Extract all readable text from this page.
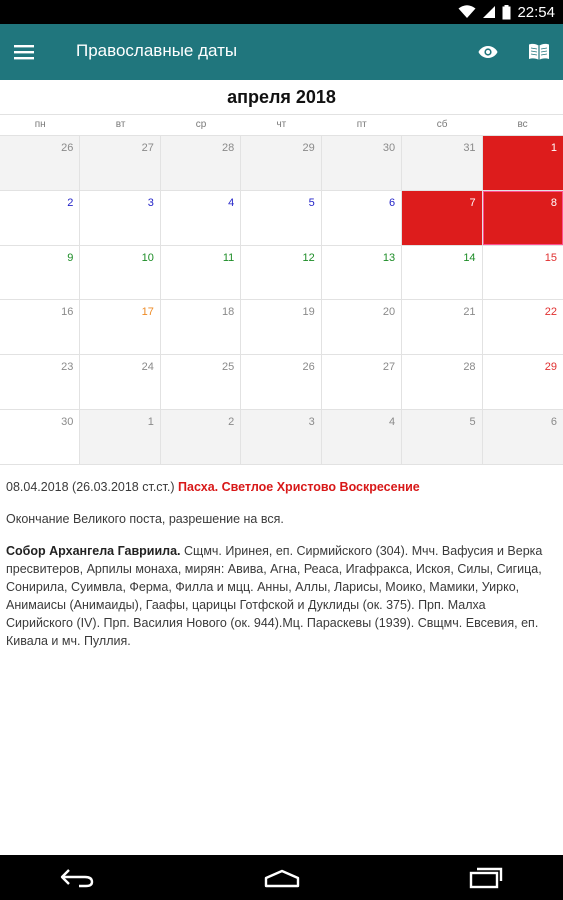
22:54
Православные даты
апреля 2018
пн	вт	ср	чт	пт	сб	вс
26	27	28	29	30	31	1
2	3	4	5	6	7	8
9	10	11	12	13	14	15
16	17	18	19	20	21	22
23	24	25	26	27	28	29
30	1	2	3	4	5	6
08.04.2018 (26.03.2018 ст.ст.) Пасха. Светлое Христово Воскресение
Окончание Великого поста, разрешение на вся.
Собор Архангела Гавриила. Сщмч. Иринея, еп. Сирмийского (304). Мчч. Вафусия и Верка пресвитеров, Арпилы монаха, мирян: Авива, Агна, Реаса, Игафракса, Искоя, Силы, Сигица, Сонирила, Суимвла, Ферма, Филла и мцц. Анны, Аллы, Ларисы, Моико, Мамики, Уирко, Анимаисы (Анимаиды), Гаафы, царицы Готфской и Дуклиды (ок. 375). Прп. Малха Сирийского (IV). Прп. Василия Нового (ок. 944).Мц. Параскевы (1939). Свщмч. Евсевия, еп. Кивала и мч. Пуллия.
